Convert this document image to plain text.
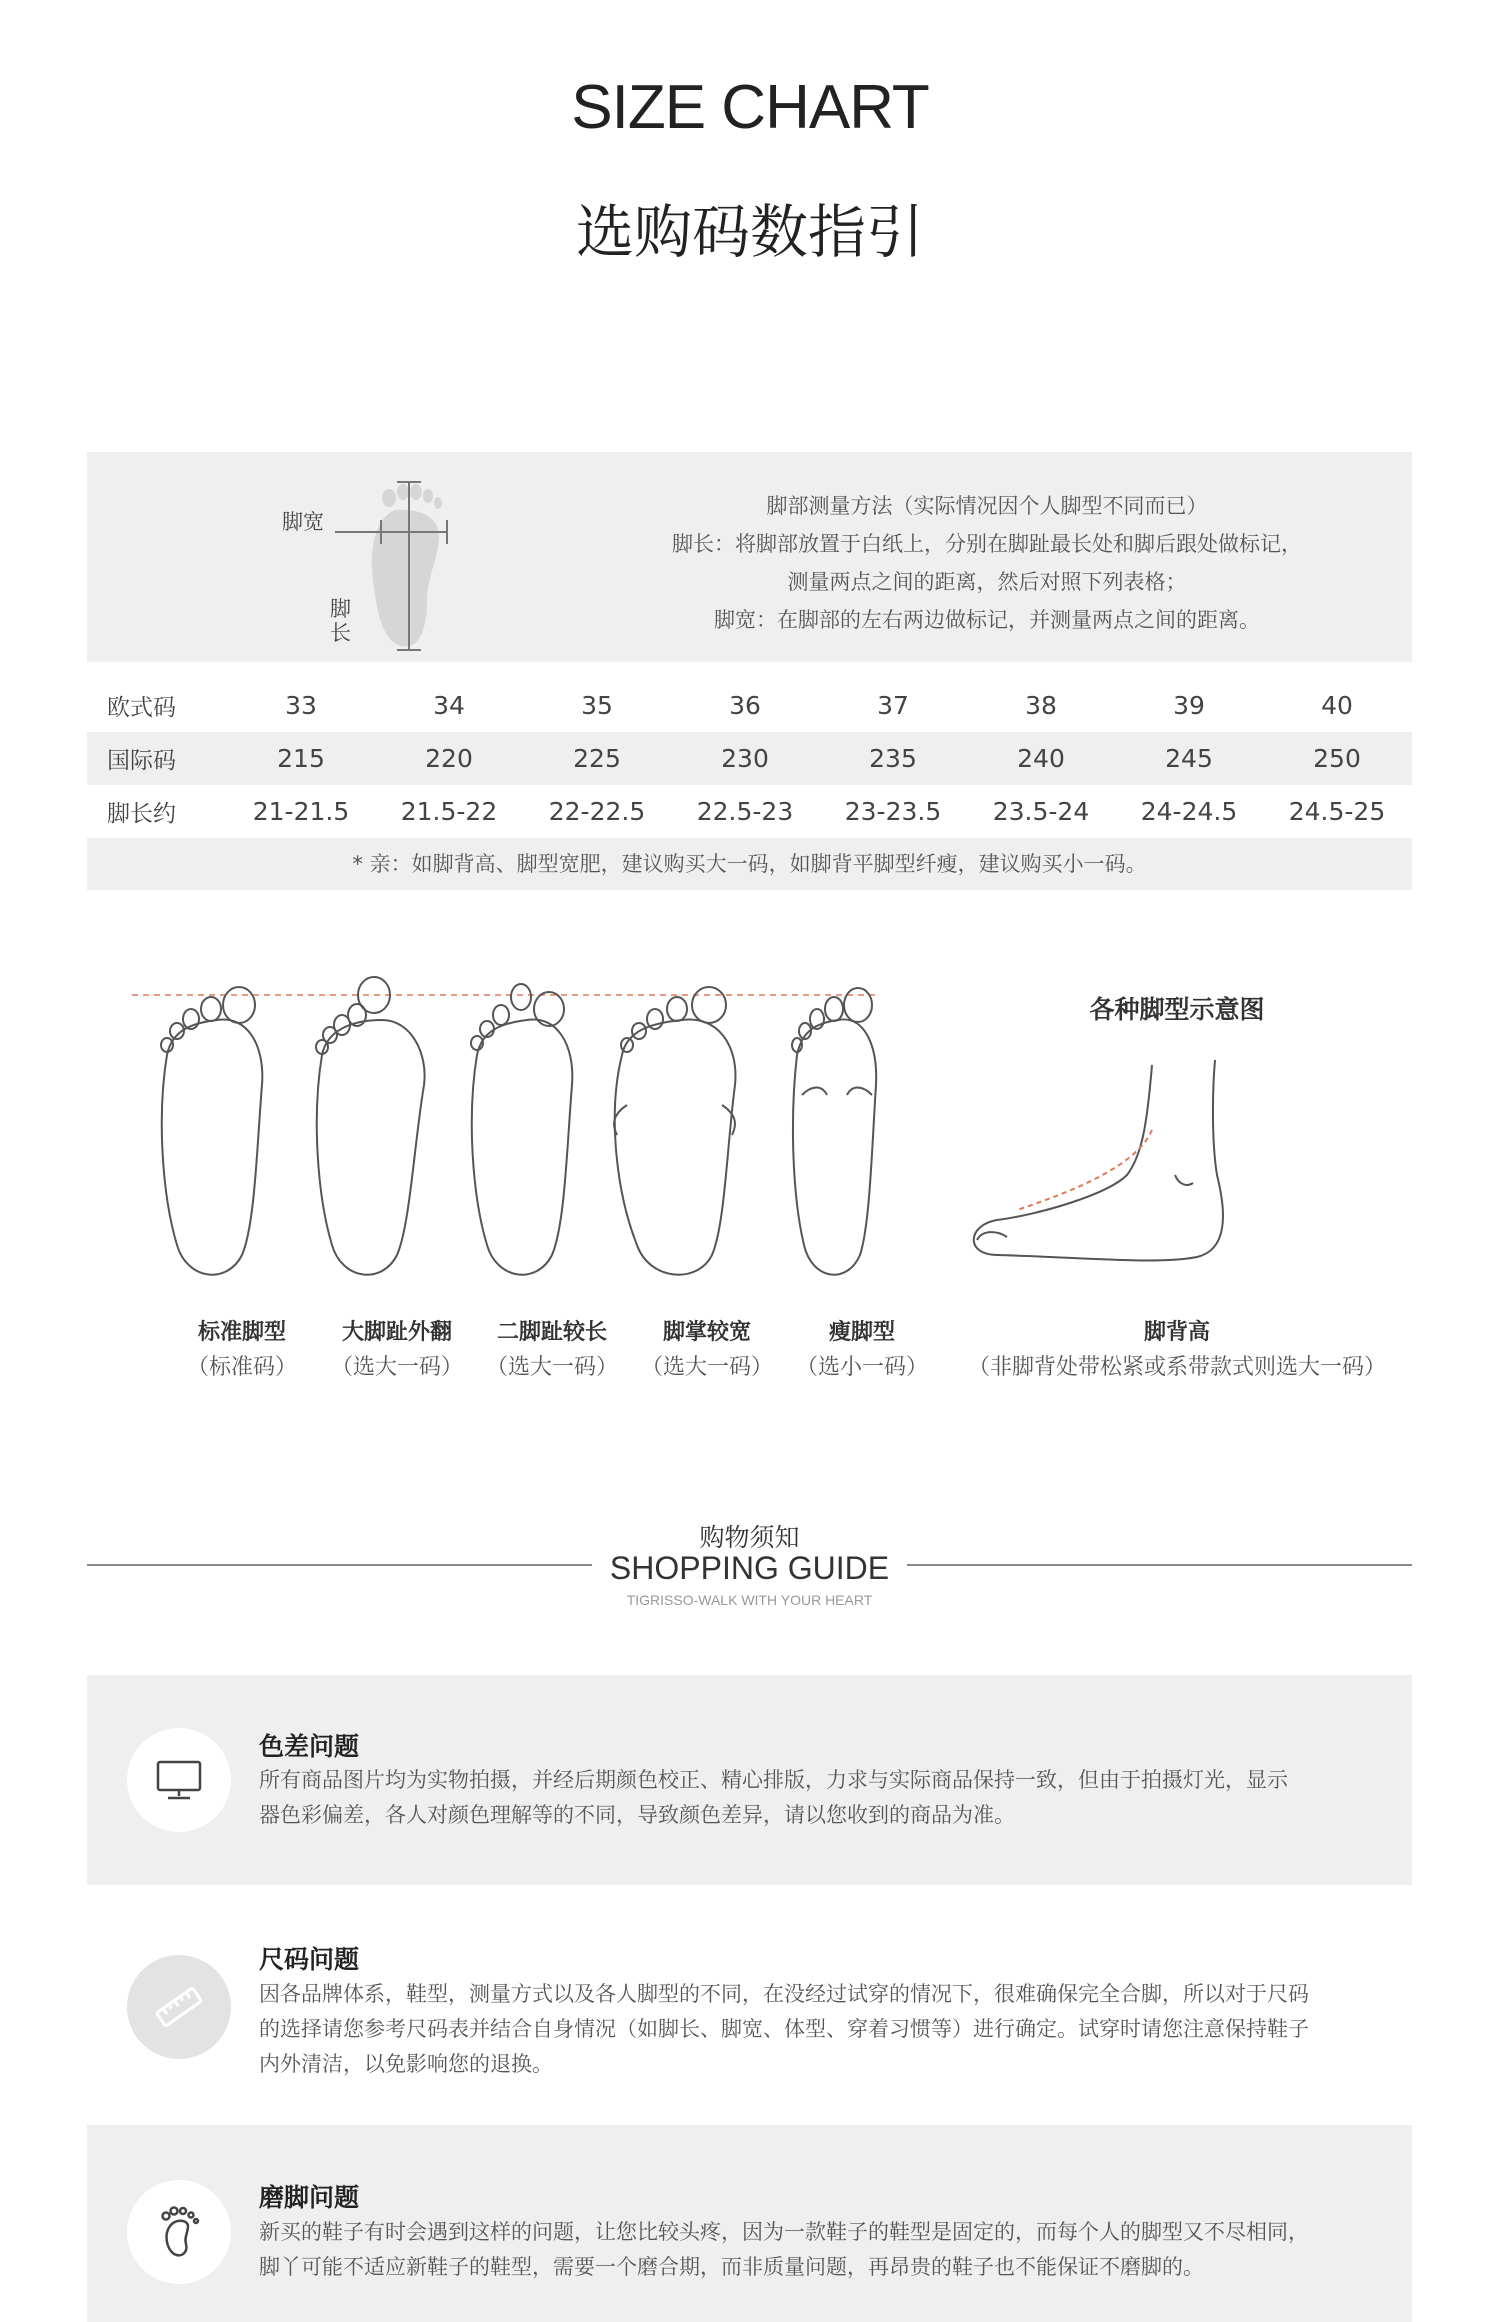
SIZE CHART
选购码数指引
脚宽
脚长
脚部测量方法（实际情况因个人脚型不同而已）
脚长：将脚部放置于白纸上，分别在脚趾最长处和脚后跟处做标记，
测量两点之间的距离，然后对照下列表格；
脚宽：在脚部的左右两边做标记，并测量两点之间的距离。
欧式码	33	34	35	36	37	38	39	40
国际码	215	220	225	230	235	240	245	250
脚长约	21-21.5	21.5-22	22-22.5	22.5-23	23-23.5	23.5-24	24-24.5	24.5-25
* 亲：如脚背高、脚型宽肥，建议购买大一码，如脚背平脚型纤瘦，建议购买小一码。
标准脚型
（标准码）
大脚趾外翻
（选大一码）
二脚趾较长
（选大一码）
脚掌较宽
（选大一码）
瘦脚型
（选小一码）
各种脚型示意图
脚背高
（非脚背处带松紧或系带款式则选大一码）
购物须知
SHOPPING GUIDE
TIGRISSO-WALK WITH YOUR HEART
色差问题
所有商品图片均为实物拍摄，并经后期颜色校正、精心排版，力求与实际商品保持一致，但由于拍摄灯光，显示
器色彩偏差，各人对颜色理解等的不同，导致颜色差异，请以您收到的商品为准。
尺码问题
因各品牌体系，鞋型，测量方式以及各人脚型的不同，在没经过试穿的情况下，很难确保完全合脚，所以对于尺码
的选择请您参考尺码表并结合自身情况（如脚长、脚宽、体型、穿着习惯等）进行确定。试穿时请您注意保持鞋子
内外清洁，以免影响您的退换。
磨脚问题
新买的鞋子有时会遇到这样的问题，让您比较头疼，因为一款鞋子的鞋型是固定的，而每个人的脚型又不尽相同，
脚丫可能不适应新鞋子的鞋型，需要一个磨合期，而非质量问题，再昂贵的鞋子也不能保证不磨脚的。
